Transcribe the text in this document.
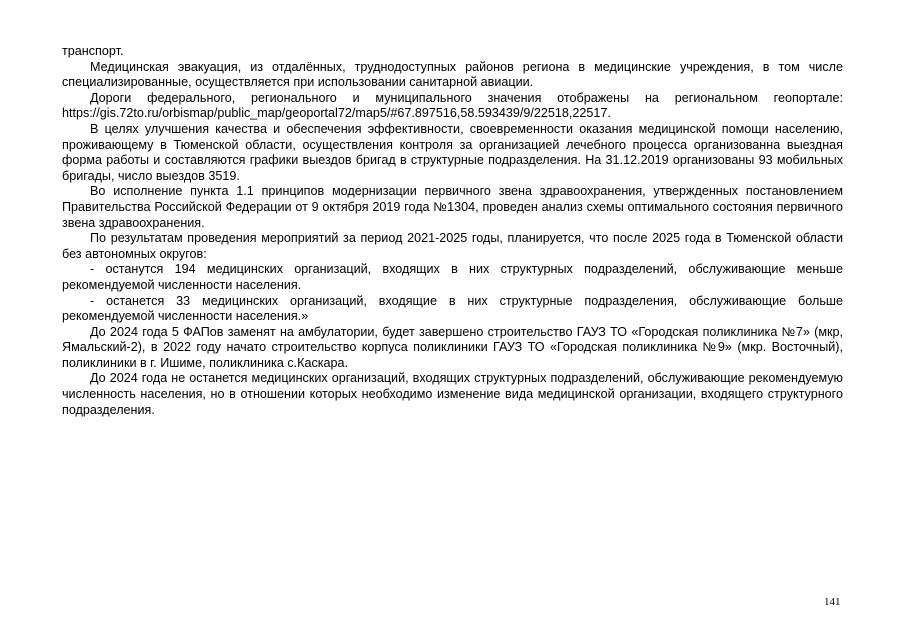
транспорт.

Медицинская эвакуация, из отдалённых, труднодоступных районов региона в медицинские учреждения, в том числе специализированные, осуществляется при использовании санитарной авиации.

Дороги федерального, регионального и муниципального значения отображены на региональном геопортале: https://gis.72to.ru/orbismap/public_map/geoportal72/map5/#67.897516,58.593439/9/22518,22517.

В целях улучшения качества и обеспечения эффективности, своевременности оказания медицинской помощи населению, проживающему в Тюменской области, осуществления контроля за организацией лечебного процесса организованна выездная форма работы и составляются графики выездов бригад в структурные подразделения. На 31.12.2019 организованы 93 мобильных бригады, число выездов 3519.

Во исполнение пункта 1.1 принципов модернизации первичного звена здравоохранения, утвержденных постановлением Правительства Российской Федерации от 9 октября 2019 года №1304, проведен анализ схемы оптимального состояния первичного звена здравоохранения.

По результатам проведения мероприятий за период 2021-2025 годы, планируется, что после 2025 года в Тюменской области без автономных округов:

- останутся 194 медицинских организаций, входящих в них структурных подразделений, обслуживающие меньше рекомендуемой численности населения.

- останется 33 медицинских организаций, входящие в них структурные подразделения, обслуживающие больше рекомендуемой численности населения.»

До 2024 года 5 ФАПов заменят на амбулатории, будет завершено строительство ГАУЗ ТО «Городская поликлиника №7» (мкр, Ямальский-2), в 2022 году начато строительство корпуса поликлиники ГАУЗ ТО «Городская поликлиника №9» (мкр. Восточный), поликлиники в г. Ишиме, поликлиника с.Каскара.

До 2024 года не останется медицинских организаций, входящих структурных подразделений, обслуживающие рекомендуемую численность населения, но в отношении которых необходимо изменение вида медицинской организации, входящего структурного подразделения.

141
